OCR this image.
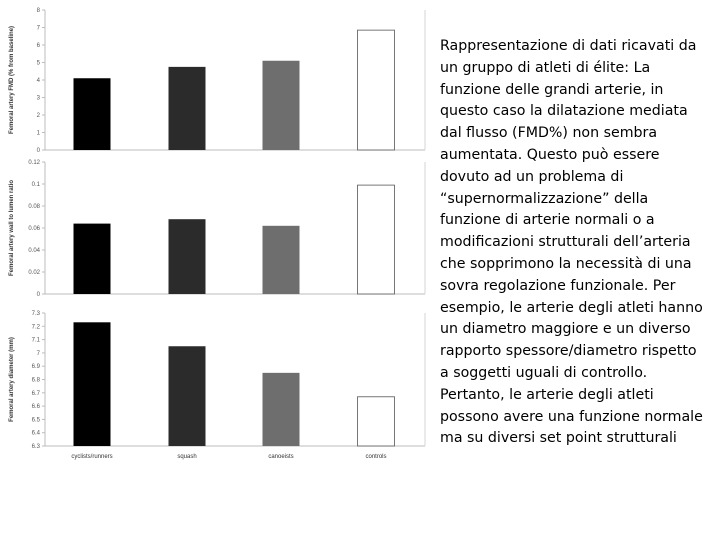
0
1
2
3
4
5
6
7
8
Femoral artery FMD (% from baseline)
0
0.02
0.04
0.06
0.08
0.1
0.12
Femoral artery wall to lumen ratio
6.3
6.4
6.5
6.6
6.7
6.8
6.9
7
7.1
7.2
7.3
Femoral artery diameter (mm)
cyclists/runners	squash	canoeists	controls
Rappresentazione di dati ricavati da
un gruppo di atleti di élite: La
funzione delle grandi arterie, in
questo caso la dilatazione mediata
dal flusso (FMD%) non sembra
aumentata. Questo può essere
dovuto ad un problema di
“supernormalizzazione” della
funzione di arterie normali o a
modificazioni strutturali dell’arteria
che sopprimono la necessità di una
sovra regolazione funzionale. Per
esempio, le arterie degli atleti hanno
un diametro maggiore e un diverso
rapporto spessore/diametro rispetto
a soggetti uguali di controllo.
Pertanto, le arterie degli atleti
possono avere una funzione normale
ma su diversi set point strutturali
